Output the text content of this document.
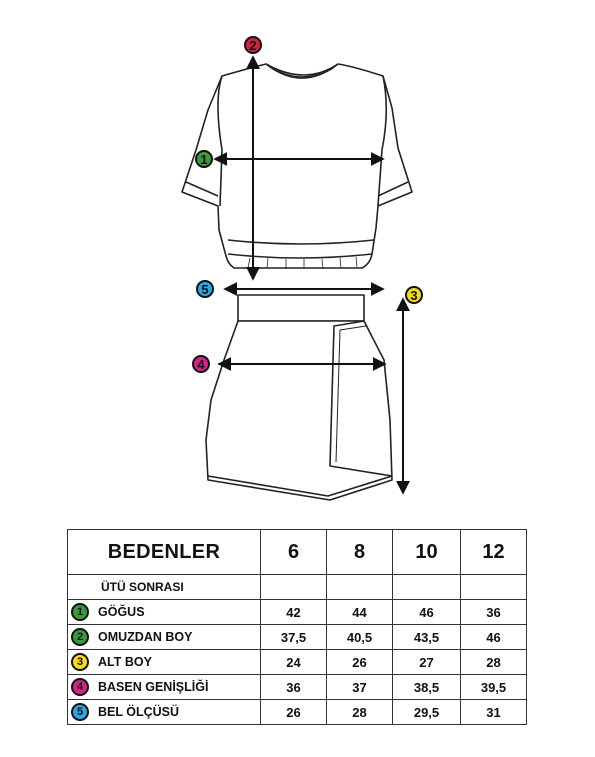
1
2
3
4
5
BEDENLER	6	8	10	12
ÜTÜ SONRASI				

1 GÖĞUS	42	44	46	36

2 OMUZDAN BOY	37,5	40,5	43,5	46

3 ALT BOY	24	26	27	28

4 BASEN GENİŞLİĞİ	36	37	38,5	39,5

5 BEL ÖLÇÜSÜ	26	28	29,5	31
